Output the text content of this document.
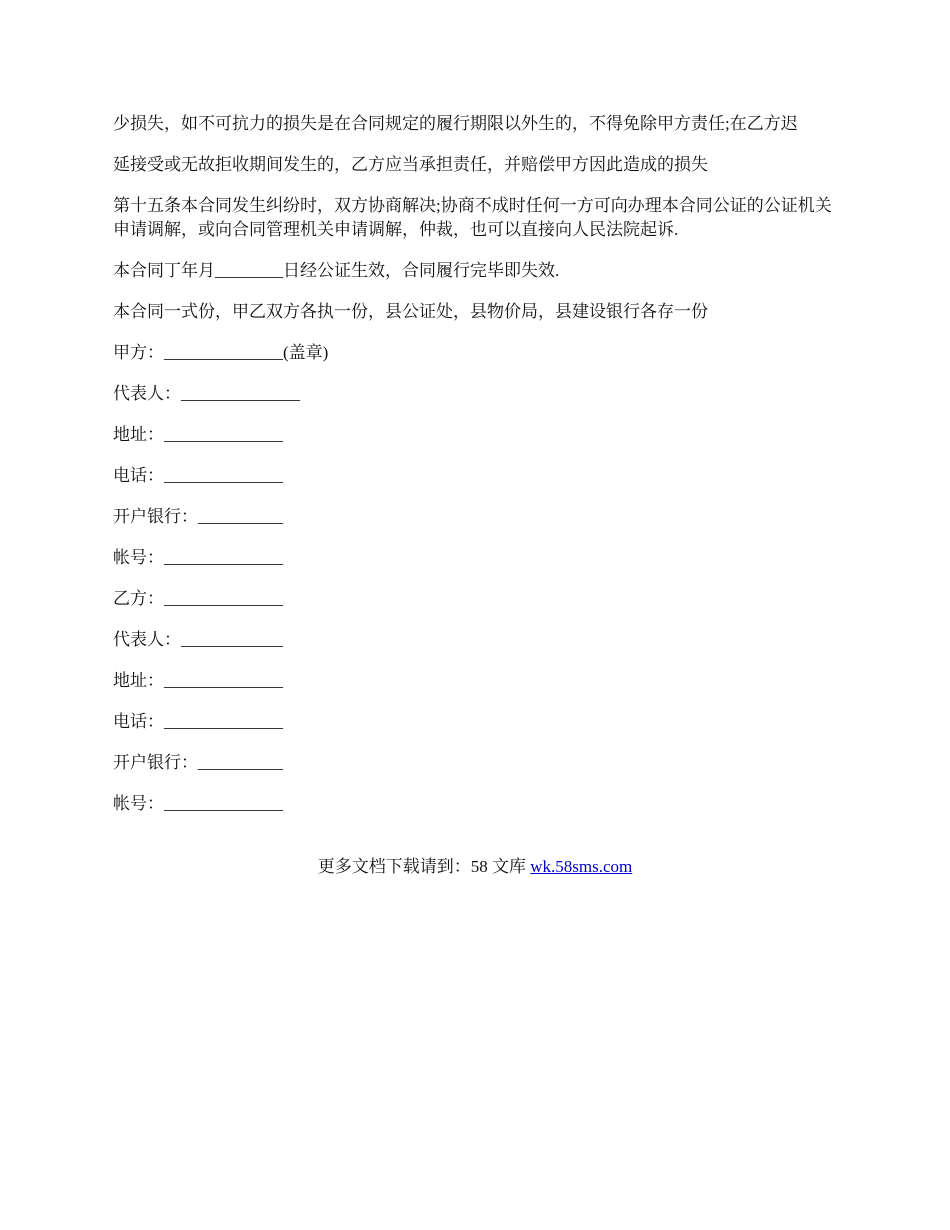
少损失，如不可抗力的损失是在合同规定的履行期限以外生的，不得免除甲方责任;在乙方迟

延接受或无故拒收期间发生的，乙方应当承担责任，并赔偿甲方因此造成的损失

第十五条本合同发生纠纷时，双方协商解决;协商不成时任何一方可向办理本合同公证的公证机关申请调解，或向合同管理机关申请调解，仲裁，也可以直接向人民法院起诉.

本合同丁年月________日经公证生效，合同履行完毕即失效.

本合同一式份，甲乙双方各执一份，县公证处，县物价局，县建设银行各存一份

甲方：______________(盖章)

代表人：______________

地址：______________

电话：______________

开户银行：__________

帐号：______________

乙方：______________

代表人：____________

地址：______________

电话：______________

开户银行：__________

帐号：______________

更多文档下载请到：58 文库 wk.58sms.com
